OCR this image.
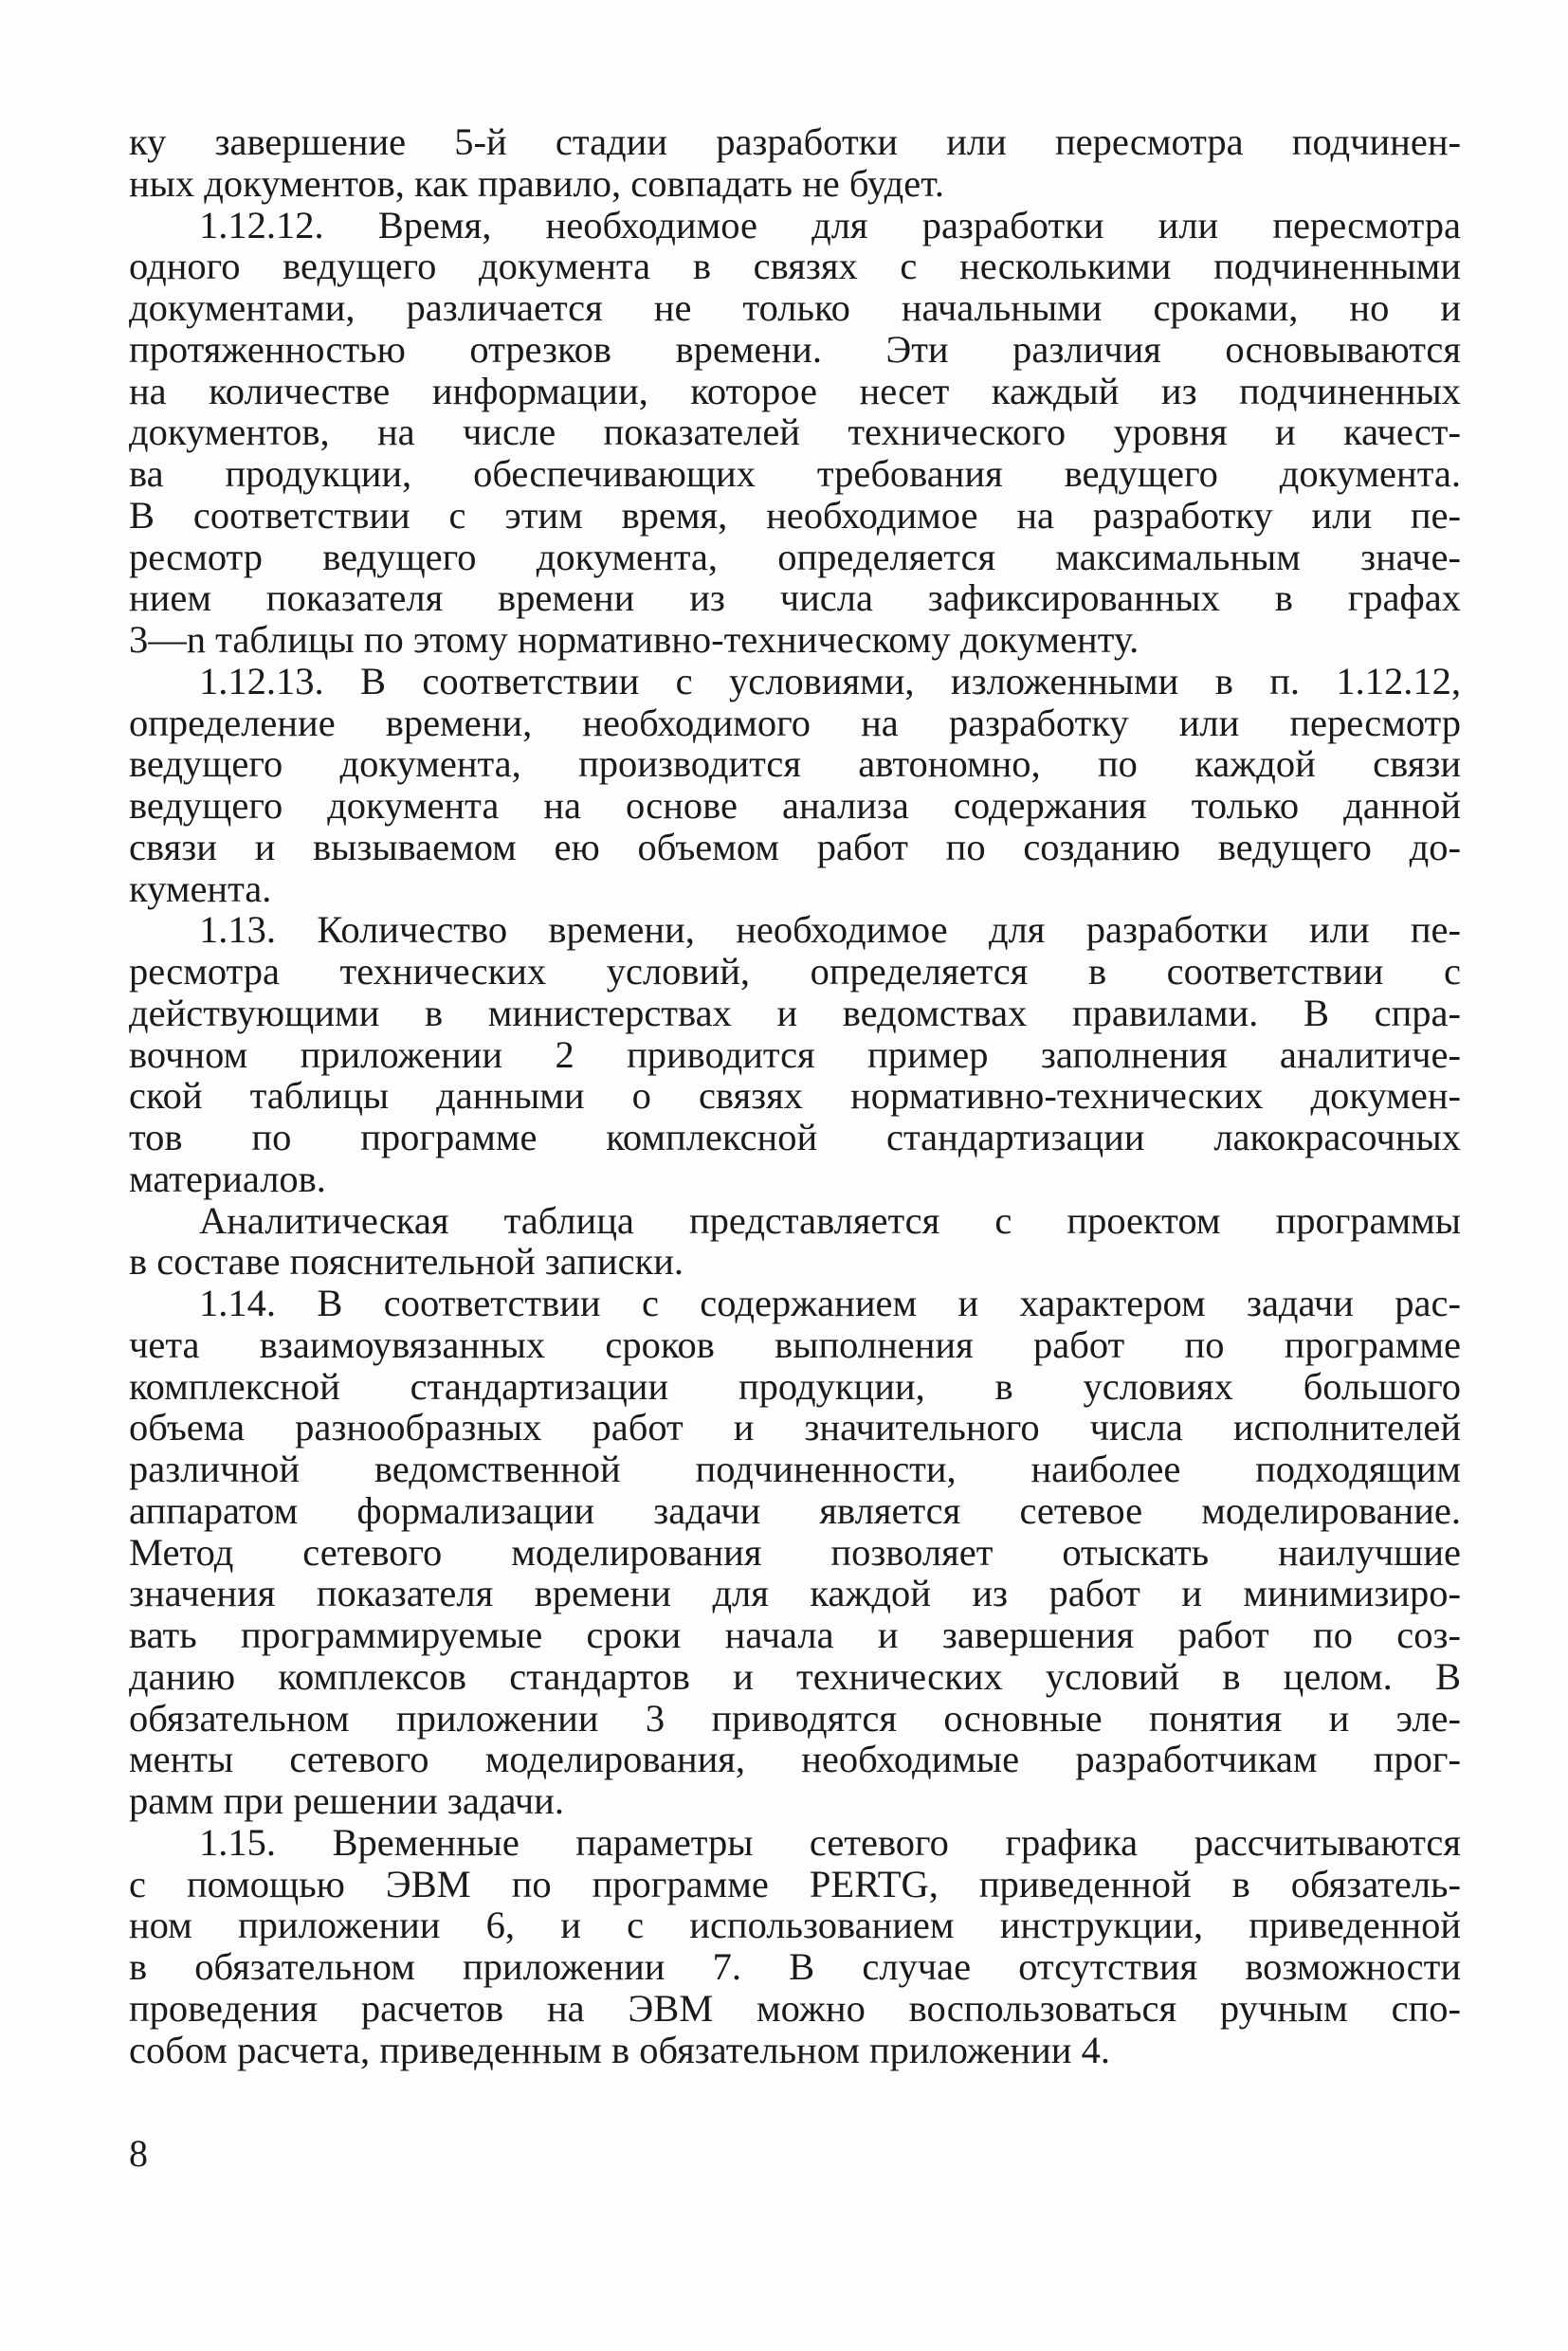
ку завершение 5-й стадии разработки или пересмотра подчинен-
ных документов, как правило, совпадать не будет.
1.12.12. Время, необходимое для разработки или пересмотра
одного ведущего документа в связях с несколькими подчиненными
документами, различается не только начальными сроками, но и
протяженностью отрезков времени. Эти различия основываются
на количестве информации, которое несет каждый из подчиненных
документов, на числе показателей технического уровня и качест-
ва продукции, обеспечивающих требования ведущего документа.
В соответствии с этим время, необходимое на разработку или пе-
ресмотр ведущего документа, определяется максимальным значе-
нием показателя времени из числа зафиксированных в графах
3—n таблицы по этому нормативно-техническому документу.
1.12.13. В соответствии с условиями, изложенными в п. 1.12.12,
определение времени, необходимого на разработку или пересмотр
ведущего документа, производится автономно, по каждой связи
ведущего документа на основе анализа содержания только данной
связи и вызываемом ею объемом работ по созданию ведущего до-
кумента.
1.13. Количество времени, необходимое для разработки или пе-
ресмотра технических условий, определяется в соответствии с
действующими в министерствах и ведомствах правилами. В спра-
вочном приложении 2 приводится пример заполнения аналитиче-
ской таблицы данными о связях нормативно-технических докумен-
тов по программе комплексной стандартизации лакокрасочных
материалов.
Аналитическая таблица представляется с проектом программы
в составе пояснительной записки.
1.14. В соответствии с содержанием и характером задачи рас-
чета взаимоувязанных сроков выполнения работ по программе
комплексной стандартизации продукции, в условиях большого
объема разнообразных работ и значительного числа исполнителей
различной ведомственной подчиненности, наиболее подходящим
аппаратом формализации задачи является сетевое моделирование.
Метод сетевого моделирования позволяет отыскать наилучшие
значения показателя времени для каждой из работ и минимизиро-
вать программируемые сроки начала и завершения работ по соз-
данию комплексов стандартов и технических условий в целом. В
обязательном приложении 3 приводятся основные понятия и эле-
менты сетевого моделирования, необходимые разработчикам прог-
рамм при решении задачи.
1.15. Временные параметры сетевого графика рассчитываются
с помощью ЭВМ по программе PERTG, приведенной в обязатель-
ном приложении 6, и с использованием инструкции, приведенной
в обязательном приложении 7. В случае отсутствия возможности
проведения расчетов на ЭВМ можно воспользоваться ручным спо-
собом расчета, приведенным в обязательном приложении 4.
8
